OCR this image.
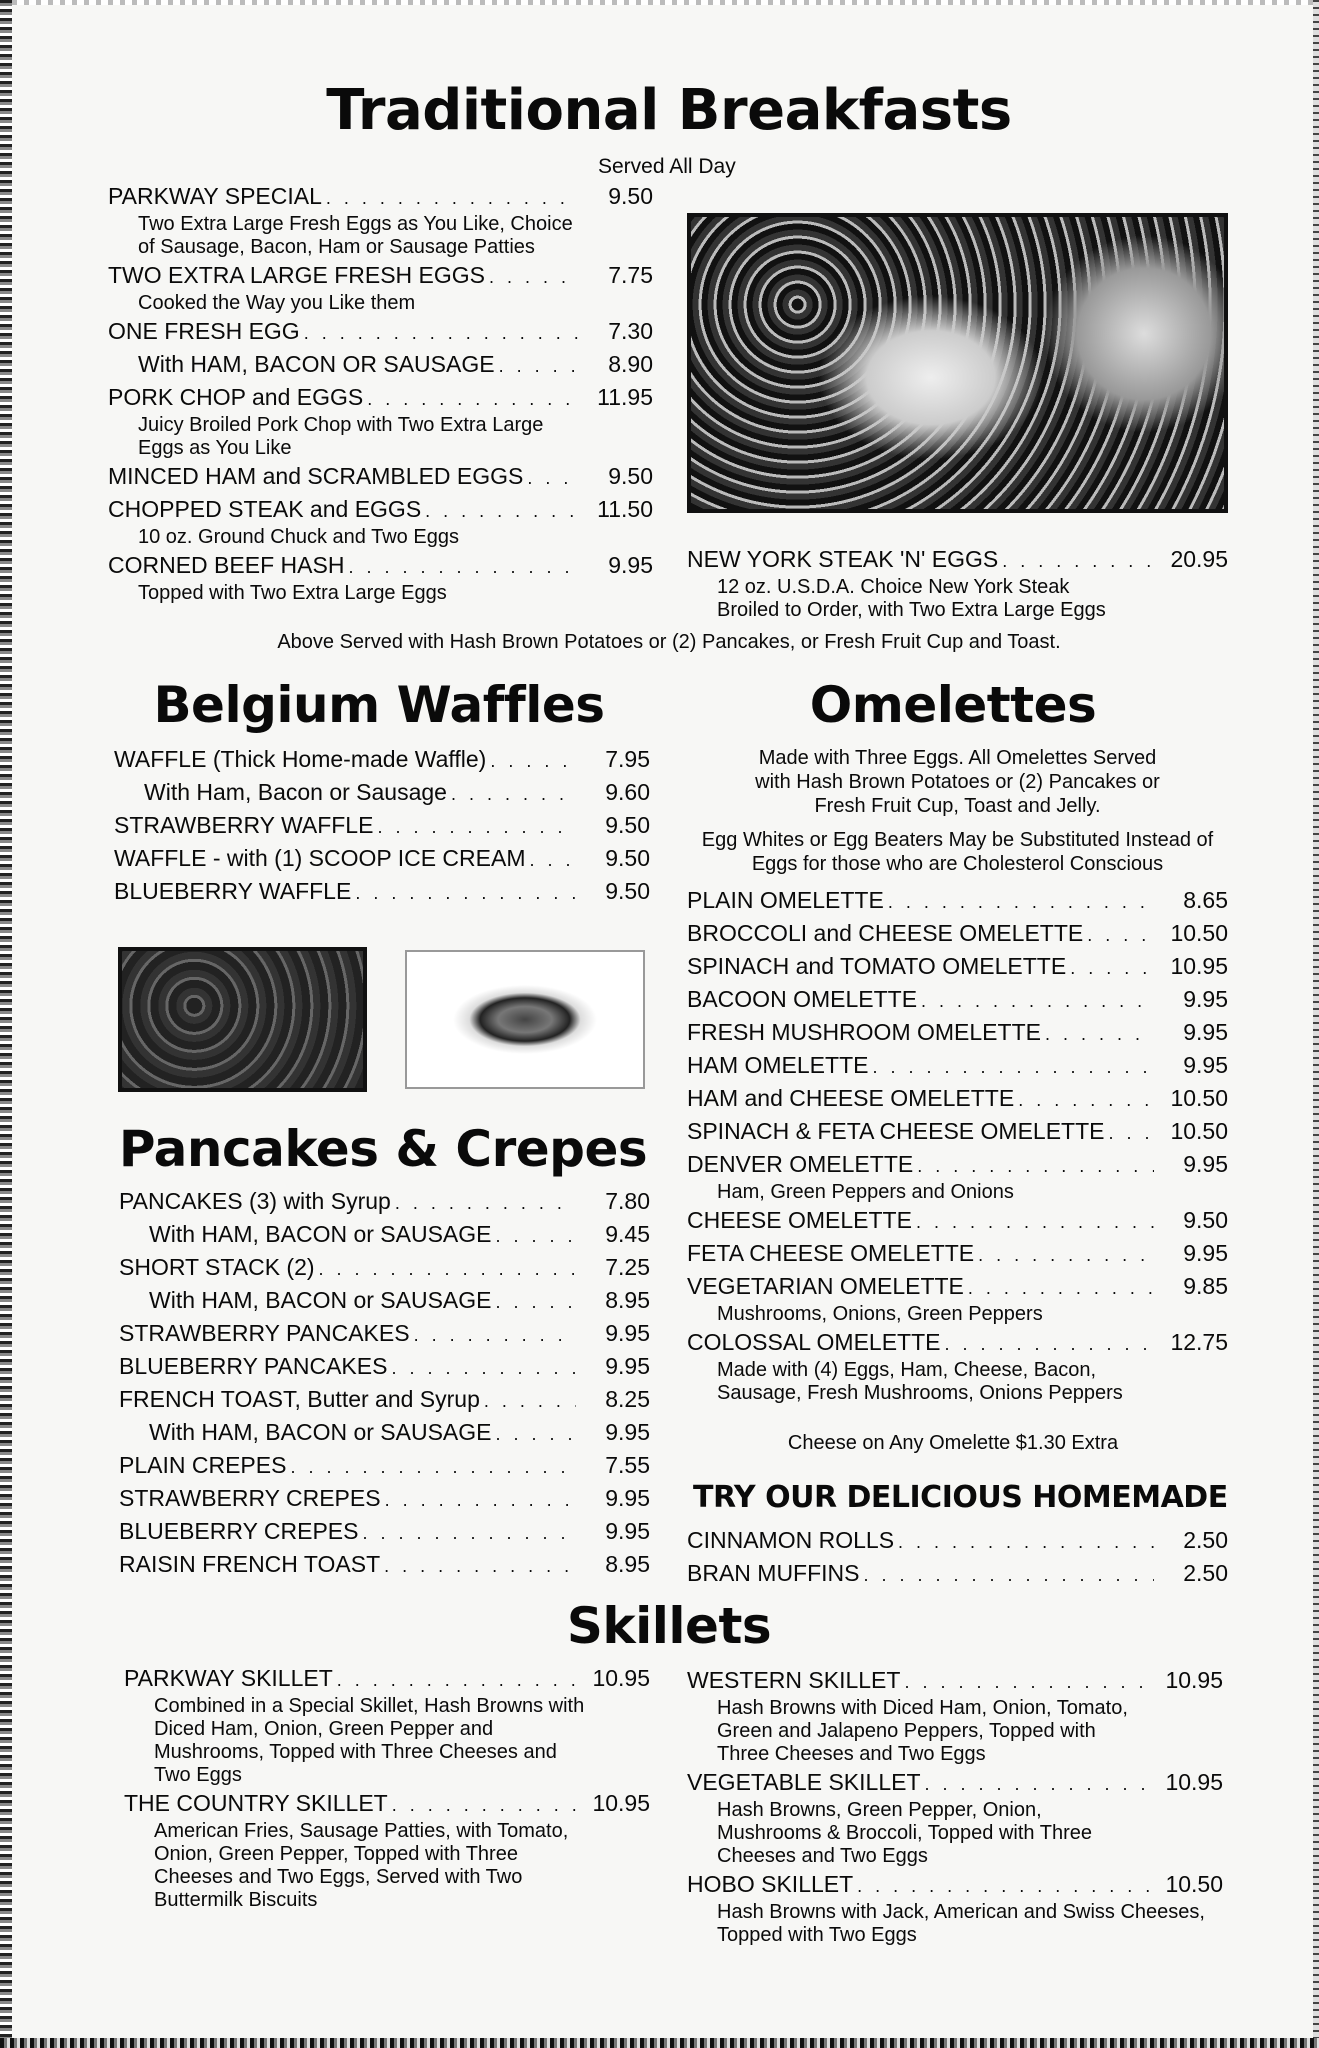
Traditional Breakfasts
Served All Day
PARKWAY SPECIAL . . .	9.50
Two Extra Large Fresh Eggs as You Like, Choice
of Sausage, Bacon, Ham or Sausage Patties
TWO EXTRA LARGE FRESH EGGS . . .	7.75
Cooked the Way you Like them
ONE FRESH EGG . . .	7.30
With HAM, BACON OR SAUSAGE . . .	8.90
PORK CHOP and EGGS . . .	11.95
Juicy Broiled Pork Chop with Two Extra Large
Eggs as You Like
MINCED HAM and SCRAMBLED EGGS . . .	9.50
CHOPPED STEAK and EGGS . . .	11.50
10 oz. Ground Chuck and Two Eggs
CORNED BEEF HASH . . .	9.95
Topped with Two Extra Large Eggs
NEW YORK STEAK 'N' EGGS . . .	20.95
12 oz. U.S.D.A. Choice New York Steak
Broiled to Order, with Two Extra Large Eggs
Above Served with Hash Brown Potatoes or (2) Pancakes, or Fresh Fruit Cup and Toast.
Belgium Waffles
WAFFLE (Thick Home-made Waffle) . . .	7.95
With Ham, Bacon or Sausage . . .	9.60
STRAWBERRY WAFFLE . . .	9.50
WAFFLE - with (1) SCOOP ICE CREAM . . .	9.50
BLUEBERRY WAFFLE . . .	9.50
Pancakes & Crepes
PANCAKES (3) with Syrup . . .	7.80
With HAM, BACON or SAUSAGE . . .	9.45
SHORT STACK (2) . . .	7.25
With HAM, BACON or SAUSAGE . . .	8.95
STRAWBERRY PANCAKES . . .	9.95
BLUEBERRY PANCAKES . . .	9.95
FRENCH TOAST, Butter and Syrup . . .	8.25
With HAM, BACON or SAUSAGE . . .	9.95
PLAIN CREPES . . .	7.55
STRAWBERRY CREPES . . .	9.95
BLUEBERRY CREPES . . .	9.95
RAISIN FRENCH TOAST . . .	8.95
Omelettes
Made with Three Eggs. All Omelettes Served
with Hash Brown Potatoes or (2) Pancakes or
Fresh Fruit Cup, Toast and Jelly.
Egg Whites or Egg Beaters May be Substituted Instead of
Eggs for those who are Cholesterol Conscious
PLAIN OMELETTE . . .	8.65
BROCCOLI and CHEESE OMELETTE . . .	10.50
SPINACH and TOMATO OMELETTE . . .	10.95
BACOON OMELETTE . . .	9.95
FRESH MUSHROOM OMELETTE . . .	9.95
HAM OMELETTE . . .	9.95
HAM and CHEESE OMELETTE . . .	10.50
SPINACH & FETA CHEESE OMELETTE . . .	10.50
DENVER OMELETTE . . .	9.95
Ham, Green Peppers and Onions
CHEESE OMELETTE . . .	9.50
FETA CHEESE OMELETTE . . .	9.95
VEGETARIAN OMELETTE . . .	9.85
Mushrooms, Onions, Green Peppers
COLOSSAL OMELETTE . . .	12.75
Made with (4) Eggs, Ham, Cheese, Bacon,
Sausage, Fresh Mushrooms, Onions Peppers
Cheese on Any Omelette $1.30 Extra
TRY OUR DELICIOUS HOMEMADE
CINNAMON ROLLS . . .	2.50
BRAN MUFFINS . . .	2.50
Skillets
PARKWAY SKILLET . . .	10.95
Combined in a Special Skillet, Hash Browns with
Diced Ham, Onion, Green Pepper and
Mushrooms, Topped with Three Cheeses and
Two Eggs
THE COUNTRY SKILLET . . .	10.95
American Fries, Sausage Patties, with Tomato,
Onion, Green Pepper, Topped with Three
Cheeses and Two Eggs, Served with Two
Buttermilk Biscuits
WESTERN SKILLET . . .	10.95
Hash Browns with Diced Ham, Onion, Tomato,
Green and Jalapeno Peppers, Topped with
Three Cheeses and Two Eggs
VEGETABLE SKILLET . . .	10.95
Hash Browns, Green Pepper, Onion,
Mushrooms & Broccoli, Topped with Three
Cheeses and Two Eggs
HOBO SKILLET . . .	10.50
Hash Browns with Jack, American and Swiss Cheeses,
Topped with Two Eggs
